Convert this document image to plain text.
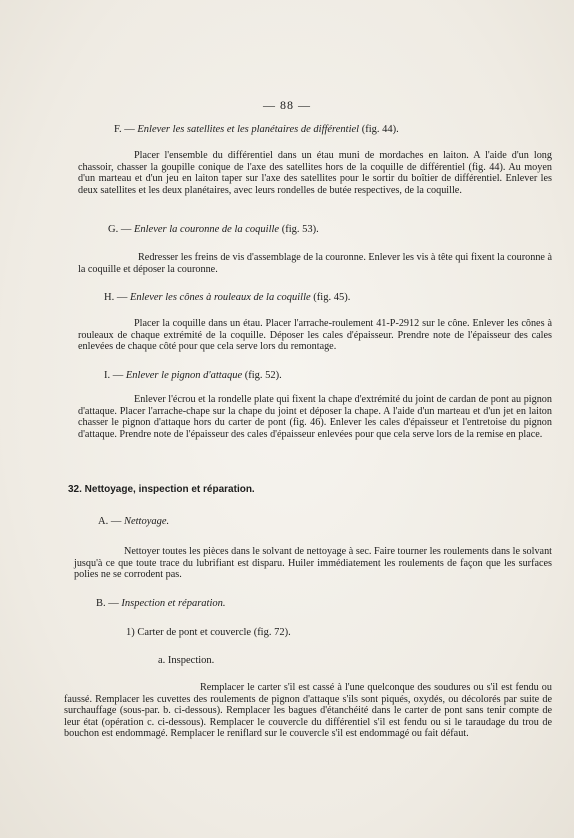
— 88 —
F. — Enlever les satellites et les planétaires de différentiel (fig. 44).
Placer l'ensemble du différentiel dans un étau muni de mordaches en laiton. A l'aide d'un long chassoir, chasser la goupille conique de l'axe des satellites hors de la coquille de différentiel (fig. 44). Au moyen d'un marteau et d'un jeu en laiton taper sur l'axe des satellites pour le sortir du boîtier de différentiel. Enlever les deux satellites et les deux planétaires, avec leurs rondelles de butée respectives, de la coquille.
G. — Enlever la couronne de la coquille (fig. 53).
Redresser les freins de vis d'assemblage de la couronne. Enlever les vis à tête qui fixent la couronne à la coquille et déposer la couronne.
H. — Enlever les cônes à rouleaux de la coquille (fig. 45).
Placer la coquille dans un étau. Placer l'arrache-roulement 41-P-2912 sur le cône. Enlever les cônes à rouleaux de chaque extrémité de la coquille. Déposer les cales d'épaisseur. Prendre note de l'épaisseur des cales enlevées de chaque côté pour que cela serve lors du remontage.
I. — Enlever le pignon d'attaque (fig. 52).
Enlever l'écrou et la rondelle plate qui fixent la chape d'extrémité du joint de cardan de pont au pignon d'attaque. Placer l'arrache-chape sur la chape du joint et déposer la chape. A l'aide d'un marteau et d'un jet en laiton chasser le pignon d'attaque hors du carter de pont (fig. 46). Enlever les cales d'épaisseur et l'entretoise du pignon d'attaque. Prendre note de l'épaisseur des cales d'épaisseur enlevées pour que cela serve lors de la remise en place.
32. Nettoyage, inspection et réparation.
A. — Nettoyage.
Nettoyer toutes les pièces dans le solvant de nettoyage à sec. Faire tourner les roulements dans le solvant jusqu'à ce que toute trace du lubrifiant est disparu. Huiler immédiatement les roulements de façon que les surfaces polies ne se corrodent pas.
B. — Inspection et réparation.
1) Carter de pont et couvercle (fig. 72).
a. Inspection.
Remplacer le carter s'il est cassé à l'une quelconque des soudures ou s'il est fendu ou faussé. Remplacer les cuvettes des roulements de pignon d'attaque s'ils sont piqués, oxydés, ou décolorés par suite de surchauffage (sous-par. b. ci-dessous). Remplacer les bagues d'étanchéité dans le carter de pont sans tenir compte de leur état (opération c. ci-dessous). Remplacer le couvercle du différentiel s'il est fendu ou si le taraudage du trou de bouchon est endommagé. Remplacer le reniflard sur le couvercle s'il est endommagé ou fait défaut.
